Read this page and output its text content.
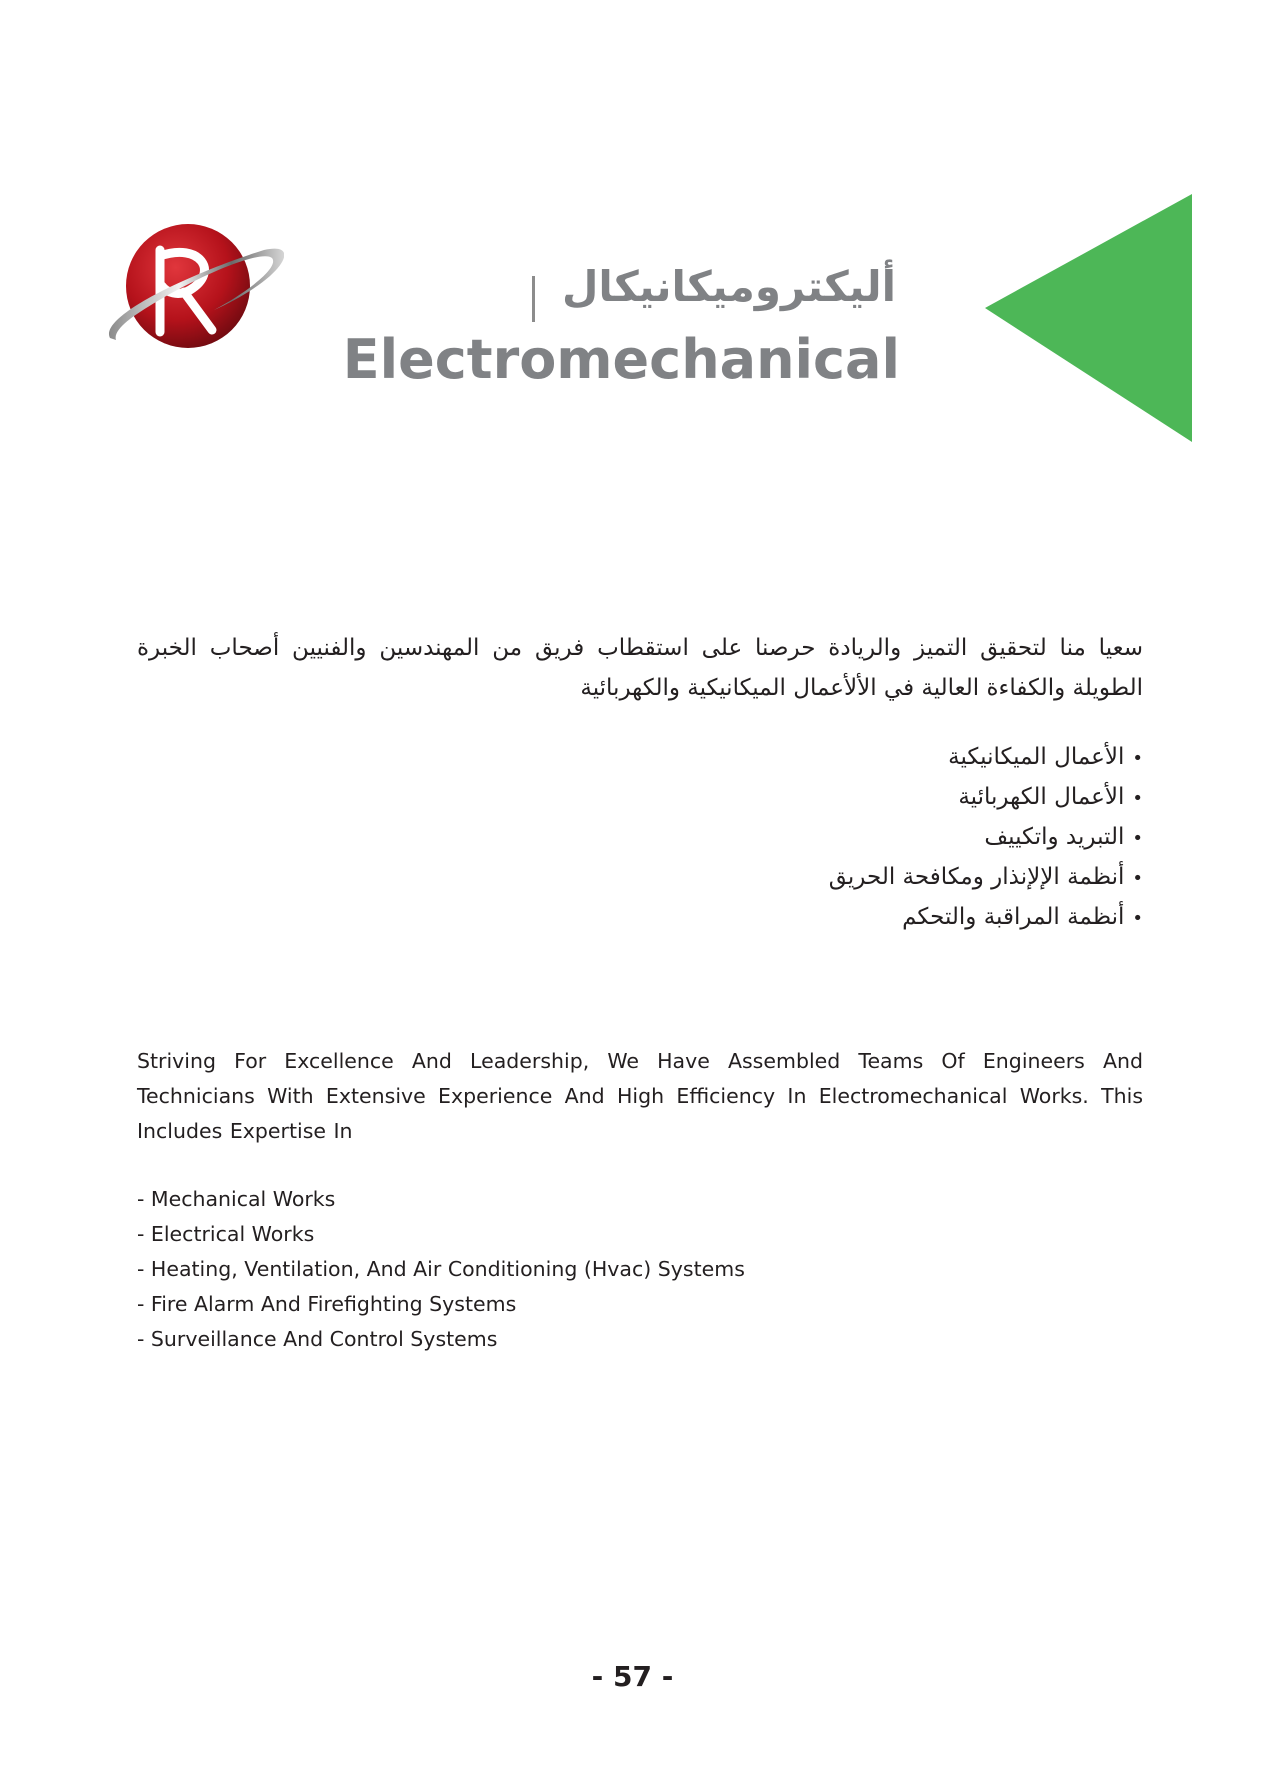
أليكتروميكانيكال
Electromechanical

سعيا منا لتحقيق التميز والريادة حرصنا على استقطاب فريق من المهندسين والفنيين أصحاب الخبرة الطويلة والكفاءة العالية في الألأعمال الميكانيكية والكهربائية

•الأعمال الميكانيكية
•الأعمال الكهربائية
•التبريد واتكييف
•أنظمة الإلإنذار ومكافحة الحريق
•أنظمة المراقبة والتحكم

Striving For Excellence And Leadership, We Have Assembled Teams Of Engineers And Technicians With Extensive Experience And High Efficiency In Electromechanical Works. This Includes Expertise In

- Mechanical Works
- Electrical Works
- Heating, Ventilation, And Air Conditioning (Hvac) Systems
- Fire Alarm And Firefighting Systems
- Surveillance And Control Systems
- 57 -
